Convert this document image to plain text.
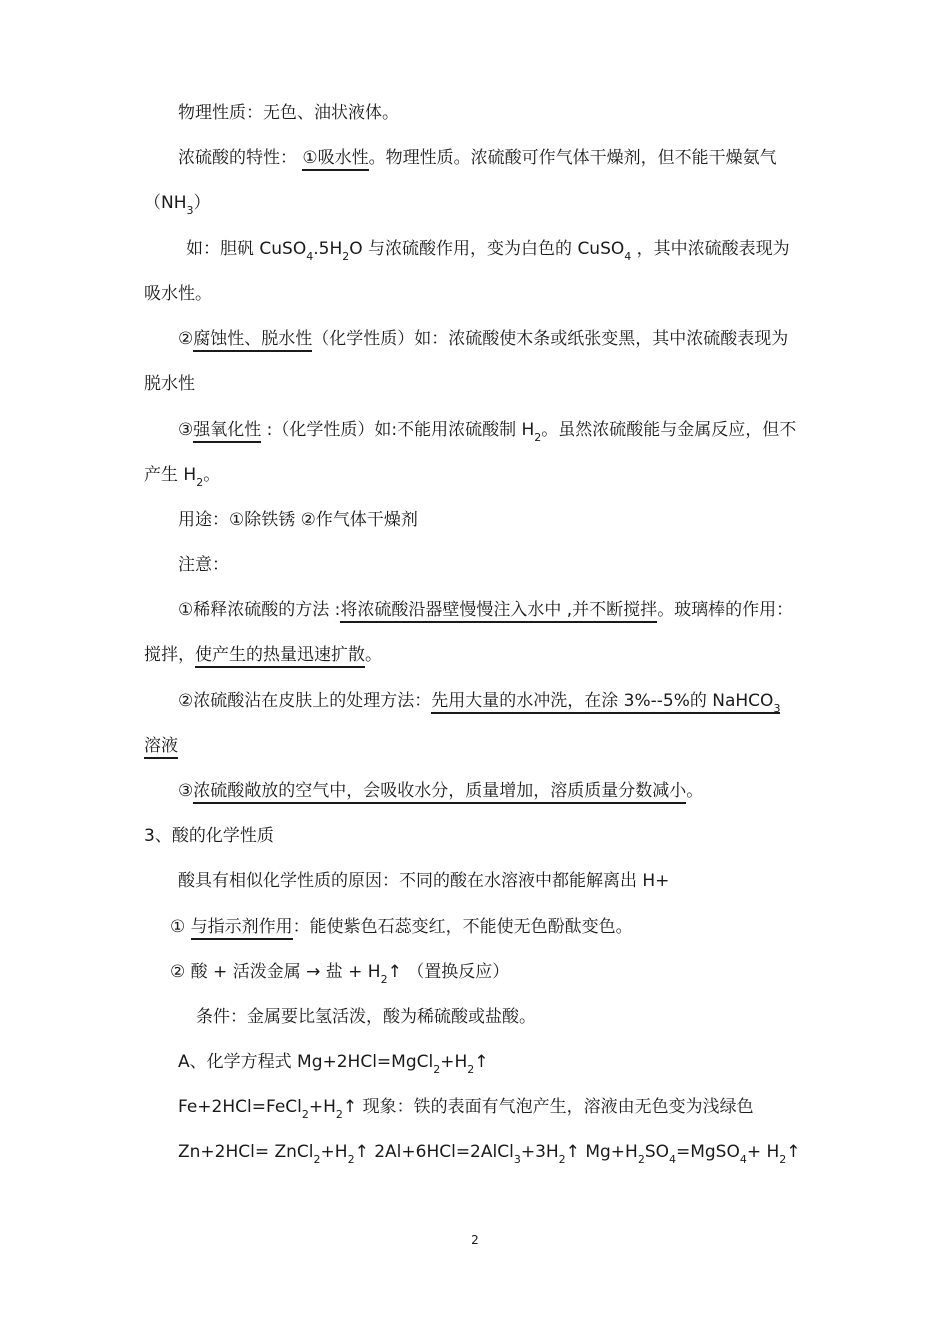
物理性质：无色、油状液体。
浓硫酸的特性： ①吸水性。物理性质。浓硫酸可作气体干燥剂，但不能干燥氨气
$(NH_3)$
如：胆矾 $CuSO_4.5H_2O$ 与浓硫酸作用，变为白色的 CuSO$_4$ ，其中浓硫酸表现为
吸水性。
②腐蚀性、脱水性（化学性质）如：浓硫酸使木条或纸张变黑，其中浓硫酸表现为
脱水性
③强氧化性 :（化学性质）如:不能用浓硫酸制 $H_2$。虽然浓硫酸能与金属反应，但不
产生 $H_2$。
用途：①除铁锈 ②作气体干燥剂
注意：
①稀释浓硫酸的方法 :将浓硫酸沿器壁慢慢注入水中 ,并不断搅拌。玻璃棒的作用：
搅拌，使产生的热量迅速扩散。
②浓硫酸沾在皮肤上的处理方法：先用大量的水冲洗，在涂 3%--5%的 NaHCO$_3$
溶液
③浓硫酸敞放的空气中，会吸收水分，质量增加，溶质质量分数减小。
3、酸的化学性质
酸具有相似化学性质的原因：不同的酸在水溶液中都能解离出 H+
① 与指示剂作用：能使紫色石蕊变红，不能使无色酚酞变色。
② 酸 + 活泼金属 → 盐 + $H_2↑$ （置换反应）
条件：金属要比氢活泼，酸为稀硫酸或盐酸。
A、化学方程式 $Mg+2HCl=MgCl_2+H_2↑$
$Fe+2HCl=FeCl_2+H_2↑$ 现象：铁的表面有气泡产生，溶液由无色变为浅绿色
$Zn+2HCl= ZnCl_2+H_2↑$ $2Al+6HCl=2AlCl_3+3H_2↑$ $Mg+H_2SO_4=MgSO_4+$ $H_2↑$
2
